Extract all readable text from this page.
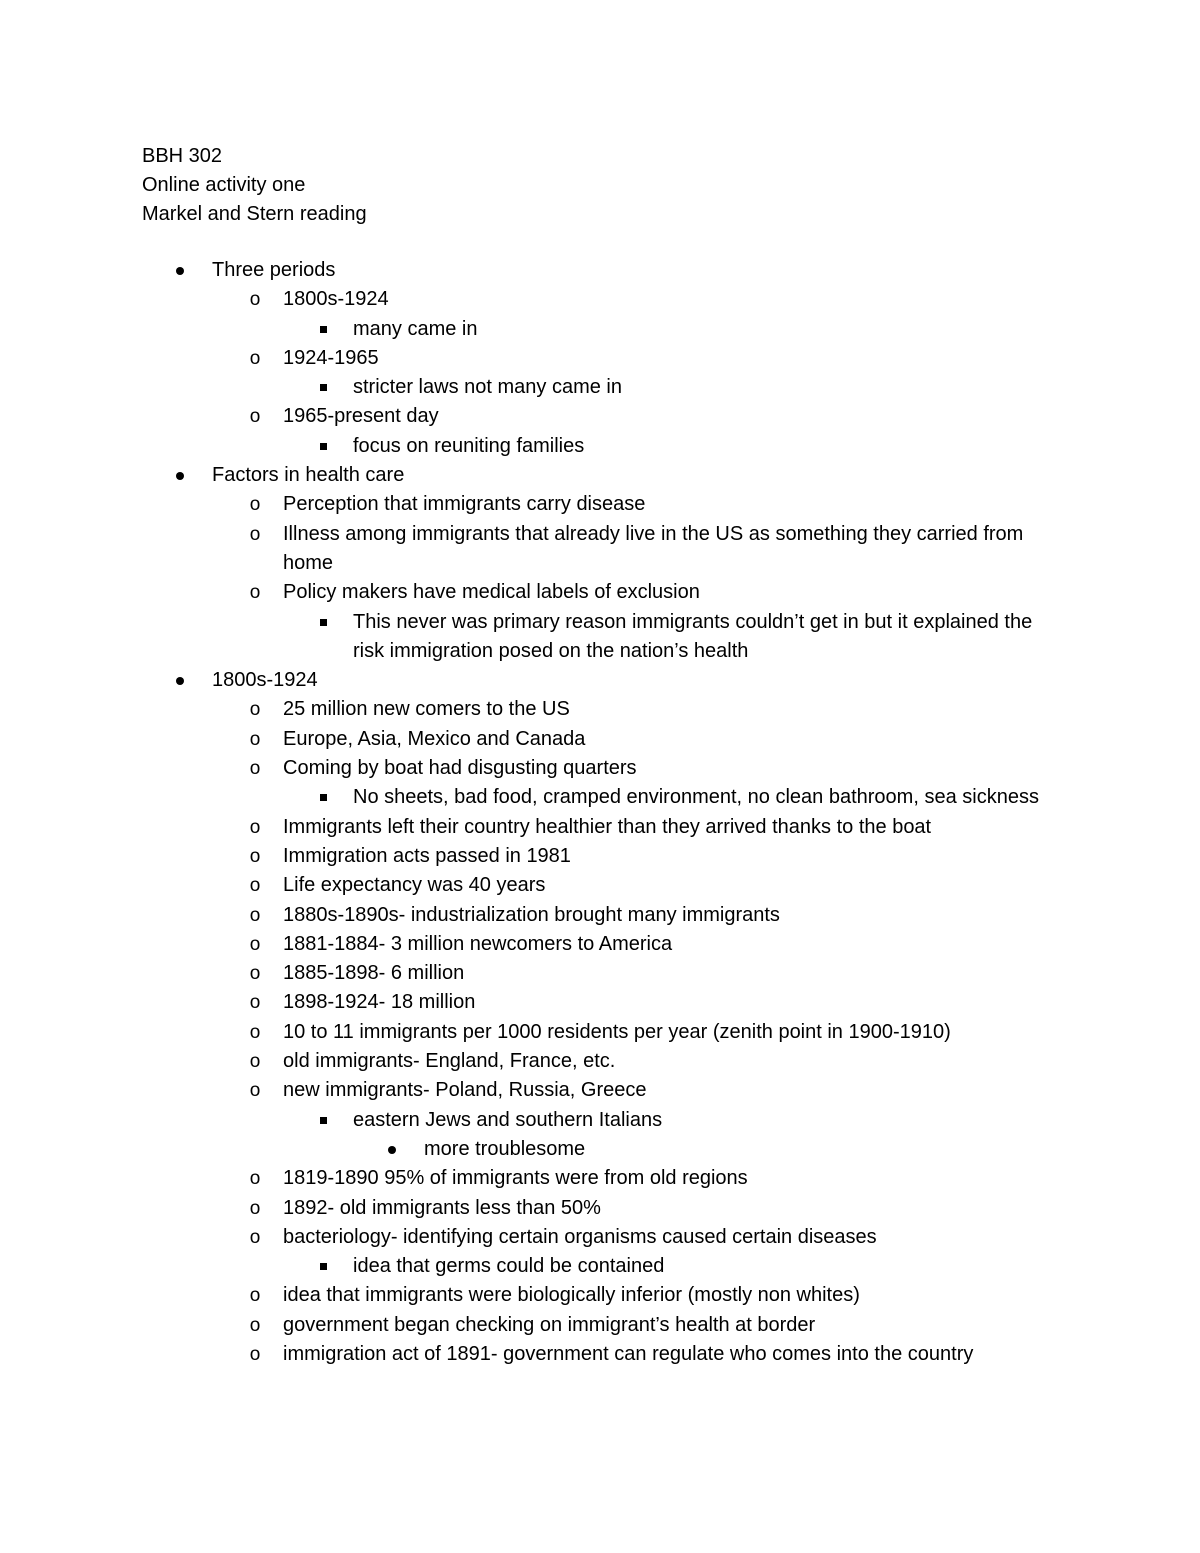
BBH 302
Online activity one
Markel and Stern reading
Three periods
o 1800s-1924
many came in
o 1924-1965
stricter laws not many came in
o 1965-present day
focus on reuniting families
Factors in health care
o Perception that immigrants carry disease
o Illness among immigrants that already live in the US as something they carried from home
o Policy makers have medical labels of exclusion
This never was primary reason immigrants couldn’t get in but it explained the risk immigration posed on the nation’s health
1800s-1924
o 25 million new comers to the US
o Europe, Asia, Mexico and Canada
o Coming by boat had disgusting quarters
No sheets, bad food, cramped environment, no clean bathroom, sea sickness
o Immigrants left their country healthier than they arrived thanks to the boat
o Immigration acts passed in 1981
o Life expectancy was 40 years
o 1880s-1890s- industrialization brought many immigrants
o 1881-1884- 3 million newcomers to America
o 1885-1898- 6 million
o 1898-1924- 18 million
o 10 to 11 immigrants per 1000 residents per year (zenith point in 1900-1910)
o old immigrants- England, France, etc.
o new immigrants- Poland, Russia, Greece
eastern Jews and southern Italians
more troublesome
o 1819-1890 95% of immigrants were from old regions
o 1892- old immigrants less than 50%
o bacteriology- identifying certain organisms caused certain diseases
idea that germs could be contained
o idea that immigrants were biologically inferior (mostly non whites)
o government began checking on immigrant’s health at border
o immigration act of 1891- government can regulate who comes into the country
